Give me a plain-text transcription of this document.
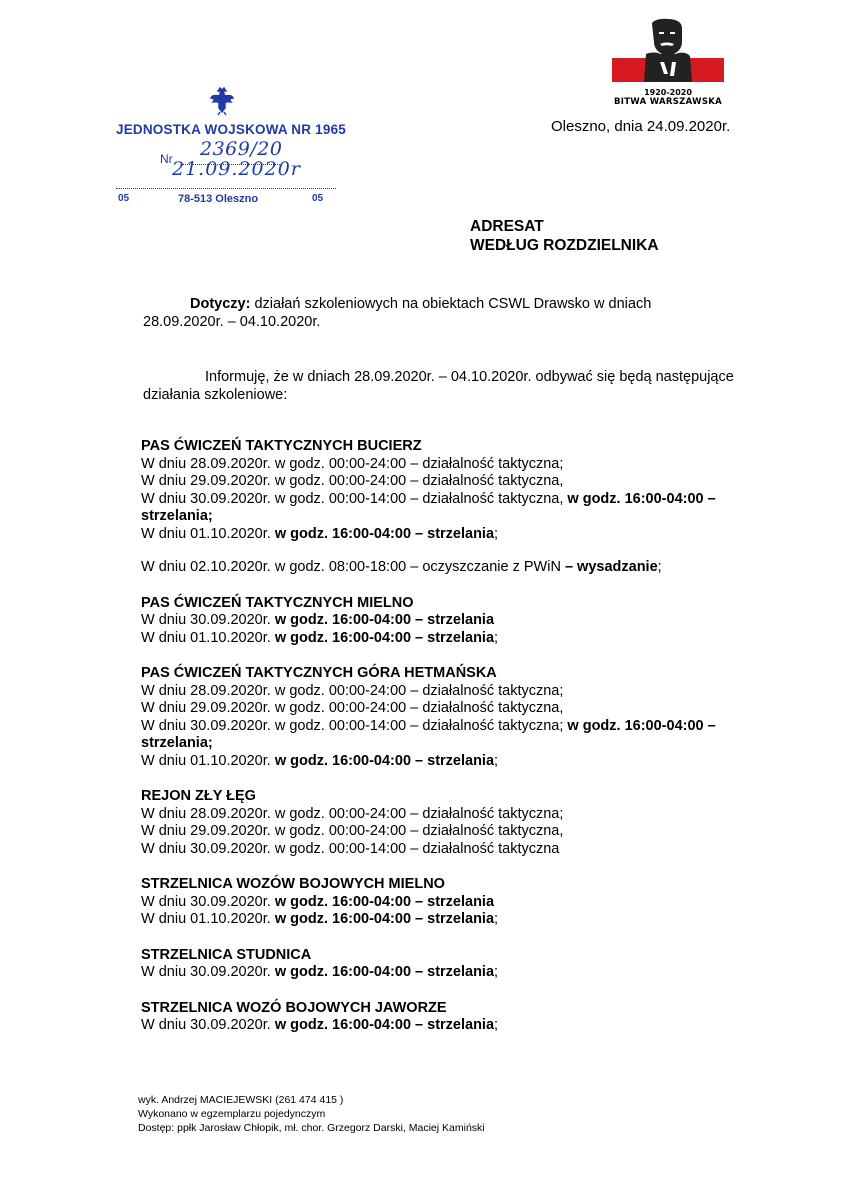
JEDNOSTKA WOJSKOWA NR 1965
Nr 2369/20
21.09.2020r
05	78-513 Oleszno	05
1920-2020
BITWA WARSZAWSKA
Oleszno, dnia 24.09.2020r.
ADRESAT
WEDŁUG ROZDZIELNIKA
Dotyczy: działań szkoleniowych na obiektach CSWL Drawsko w dniach
28.09.2020r. – 04.10.2020r.
Informuję, że w dniach 28.09.2020r. – 04.10.2020r. odbywać się będą następujące
działania szkoleniowe:
PAS ĆWICZEŃ TAKTYCZNYCH BUCIERZ
W dniu 28.09.2020r. w godz. 00:00-24:00 – działalność taktyczna;
W dniu 29.09.2020r. w godz. 00:00-24:00 – działalność taktyczna,
W dniu 30.09.2020r. w godz. 00:00-14:00 – działalność taktyczna, w godz. 16:00-04:00 –
strzelania;
W dniu 01.10.2020r. w godz. 16:00-04:00 – strzelania;
W dniu 02.10.2020r. w godz. 08:00-18:00 – oczyszczanie z PWiN – wysadzanie;
PAS ĆWICZEŃ TAKTYCZNYCH MIELNO
W dniu 30.09.2020r. w godz. 16:00-04:00 – strzelania
W dniu 01.10.2020r. w godz. 16:00-04:00 – strzelania;
PAS ĆWICZEŃ TAKTYCZNYCH GÓRA HETMAŃSKA
W dniu 28.09.2020r. w godz. 00:00-24:00 – działalność taktyczna;
W dniu 29.09.2020r. w godz. 00:00-24:00 – działalność taktyczna,
W dniu 30.09.2020r. w godz. 00:00-14:00 – działalność taktyczna; w godz. 16:00-04:00 –
strzelania;
W dniu 01.10.2020r. w godz. 16:00-04:00 – strzelania;
REJON ZŁY ŁĘG
W dniu 28.09.2020r. w godz. 00:00-24:00 – działalność taktyczna;
W dniu 29.09.2020r. w godz. 00:00-24:00 – działalność taktyczna,
W dniu 30.09.2020r. w godz. 00:00-14:00 – działalność taktyczna
STRZELNICA WOZÓW BOJOWYCH MIELNO
W dniu 30.09.2020r. w godz. 16:00-04:00 – strzelania
W dniu 01.10.2020r. w godz. 16:00-04:00 – strzelania;
STRZELNICA STUDNICA
W dniu 30.09.2020r. w godz. 16:00-04:00 – strzelania;
STRZELNICA WOZÓ BOJOWYCH JAWORZE
W dniu 30.09.2020r. w godz. 16:00-04:00 – strzelania;
wyk. Andrzej MACIEJEWSKI (261 474 415 )
Wykonano w egzemplarzu pojedynczym
Dostęp: ppłk Jarosław Chłopik, mł. chor. Grzegorz Darski, Maciej Kamiński
